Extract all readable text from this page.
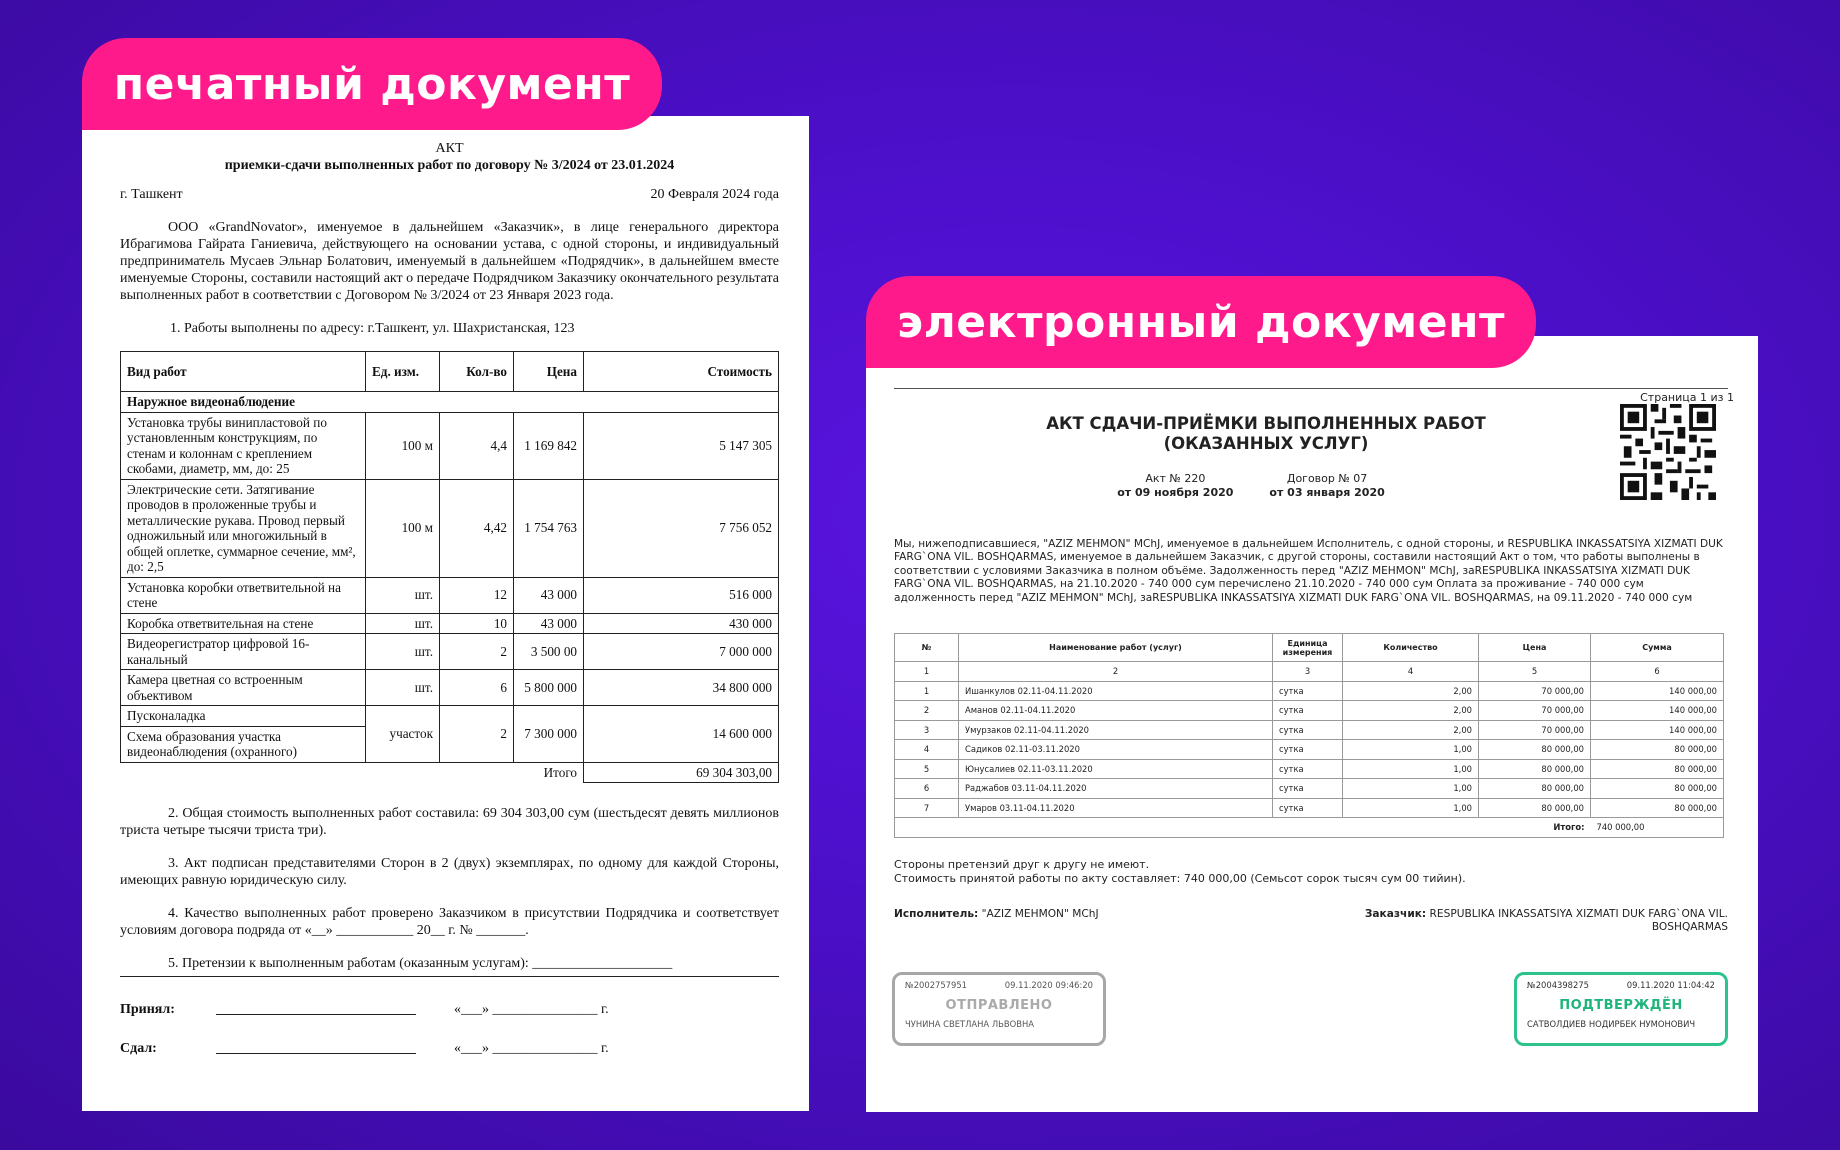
печатный документ
электронный документ
АКТ
приемки-сдачи выполненных работ по договору № 3/2024 от 23.01.2024
г. Ташкент	20 Февраля 2024 года
ООО «GrandNovator», именуемое в дальнейшем «Заказчик», в лице генерального директора Ибрагимова Гайрата Ганиевича, действующего на основании устава, с одной стороны, и индивидуальный предприниматель Мусаев Эльнар Болатович, именуемый в дальнейшем «Подрядчик», в дальнейшем вместе именуемые Стороны, составили настоящий акт о передаче Подрядчиком Заказчику окончательного результата выполненных работ в соответствии с Договором № 3/2024 от 23 Января 2023 года.
1. Работы выполнены по адресу: г.Ташкент, ул. Шахристанская, 123
Вид работ	Ед. изм.	Кол-во	Цена	Стоимость
Наружное видеонаблюдение				
Установка трубы винипластовой по установленным конструкциям, по стенам и колоннам с креплением скобами, диаметр, мм, до: 25	100 м	4,4	1 169 842	5 147 305
Электрические сети. Затягивание проводов в проложенные трубы и металлические рукава. Провод первый одножильный или многожильный в общей оплетке, суммарное сечение, мм², до: 2,5	100 м	4,42	1 754 763	7 756 052
Установка коробки ответвительной на стене	шт.	12	43 000	516 000
Коробка ответвительная на стене	шт.	10	43 000	430 000
Видеорегистратор цифровой 16-канальный	шт.	2	3 500 00	7 000 000
Камера цветная со встроенным объективом	шт.	6	5 800 000	34 800 000
Пусконаладка	участок	2	7 300 000	14 600 000
Схема образования участка видеонаблюдения (охранного)				
			Итого	69 304 303,00
2. Общая стоимость выполненных работ составила: 69 304 303,00 сум (шестьдесят девять миллионов триста четыре тысячи триста три).
3. Акт подписан представителями Сторон в 2 (двух) экземплярах, по одному для каждой Стороны, имеющих равную юридическую силу.
4. Качество выполненных работ проверено Заказчиком в присутствии Подрядчика и соответствует условиям договора подряда от «__» ___________ 20__ г. № _______.
5. Претензии к выполненным работам (оказанным услугам): ____________________
Принял:	«___» _______________ г.
Сдал:	«___» _______________ г.
Страница 1 из 1
АКТ СДАЧИ-ПРИЁМКИ ВЫПОЛНЕННЫХ РАБОТ
(ОКАЗАННЫХ УСЛУГ)
Акт № 220
от 09 ноября 2020
Договор № 07
от 03 января 2020
Мы, нижеподписавшиеся, "AZIZ MEHMON" MChJ, именуемое в дальнейшем Исполнитель, с одной стороны, и RESPUBLIKA INKASSATSIYA XIZMATI DUK FARG`ONA VIL. BOSHQARMAS, именуемое в дальнейшем Заказчик, с другой стороны, составили настоящий Акт о том, что работы выполнены в соответствии с условиями Заказчика в полном объёме. Задолженность перед "AZIZ MEHMON" MChJ, заRESPUBLIKA INKASSATSIYA XIZMATI DUK FARG`ONA VIL. BOSHQARMAS, на 21.10.2020 - 740 000 сум перечислено 21.10.2020 - 740 000 сум Оплата за проживание - 740 000 сум адолженность перед "AZIZ MEHMON" MChJ, заRESPUBLIKA INKASSATSIYA XIZMATI DUK FARG`ONA VIL. BOSHQARMAS, на 09.11.2020 - 740 000 сум
№	Наименование работ (услуг)	Единица измерения	Количество	Цена	Сумма
1	2	3	4	5	6
1	Ишанкулов 02.11-04.11.2020	сутка	2,00	70 000,00	140 000,00
2	Аманов 02.11-04.11.2020	сутка	2,00	70 000,00	140 000,00
3	Умурзаков 02.11-04.11.2020	сутка	2,00	70 000,00	140 000,00
4	Садиков 02.11-03.11.2020	сутка	1,00	80 000,00	80 000,00
5	Юнусалиев 02.11-03.11.2020	сутка	1,00	80 000,00	80 000,00
6	Раджабов 03.11-04.11.2020	сутка	1,00	80 000,00	80 000,00
7	Умаров 03.11-04.11.2020	сутка	1,00	80 000,00	80 000,00
				Итого:	740 000,00
Стороны претензий друг к другу не имеют.
Стоимость принятой работы по акту составляет: 740 000,00 (Семьсот сорок тысяч сум 00 тийин).
Исполнитель: "AZIZ MEHMON" MChJ	Заказчик: RESPUBLIKA INKASSATSIYA XIZMATI DUK FARG`ONA VIL. BOSHQARMAS
№2002757951	09.11.2020 09:46:20
ОТПРАВЛЕНО
ЧУНИНА СВЕТЛАНА ЛЬВОВНА
№2004398275	09.11.2020 11:04:42
ПОДТВЕРЖДЁН
САТВОЛДИЕВ НОДИРБЕК НУМОНОВИЧ
